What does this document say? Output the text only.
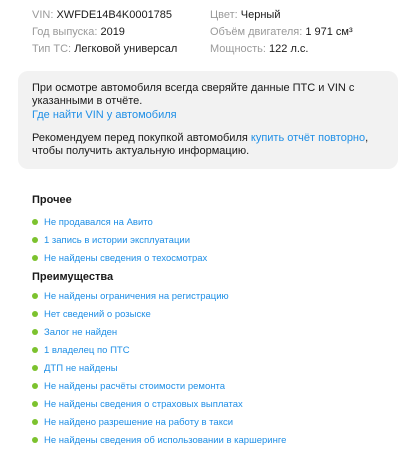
VIN: XWFDE14B4K0001785	Цвет: Черный
Год выпуска: 2019	Объём двигателя: 1 971 см³
Тип ТС: Легковой универсал	Мощность: 122 л.с.

При осмотре автомобиля всегда сверяйте данные ПТС и VIN с указанными в отчёте.

Где найти VIN у автомобиля

Рекомендуем перед покупкой автомобиля купить отчёт повторно, чтобы получить актуальную информацию.

Прочее
Не продавался на Авито
1 запись в истории эксплуатации
Не найдены сведения о техосмотрах
Преимущества
Не найдены ограничения на регистрацию
Нет сведений о розыске
Залог не найден
1 владелец по ПТС
ДТП не найдены
Не найдены расчёты стоимости ремонта
Не найдены сведения о страховых выплатах
Не найдено разрешение на работу в такси
Не найдены сведения об использовании в каршеринге
